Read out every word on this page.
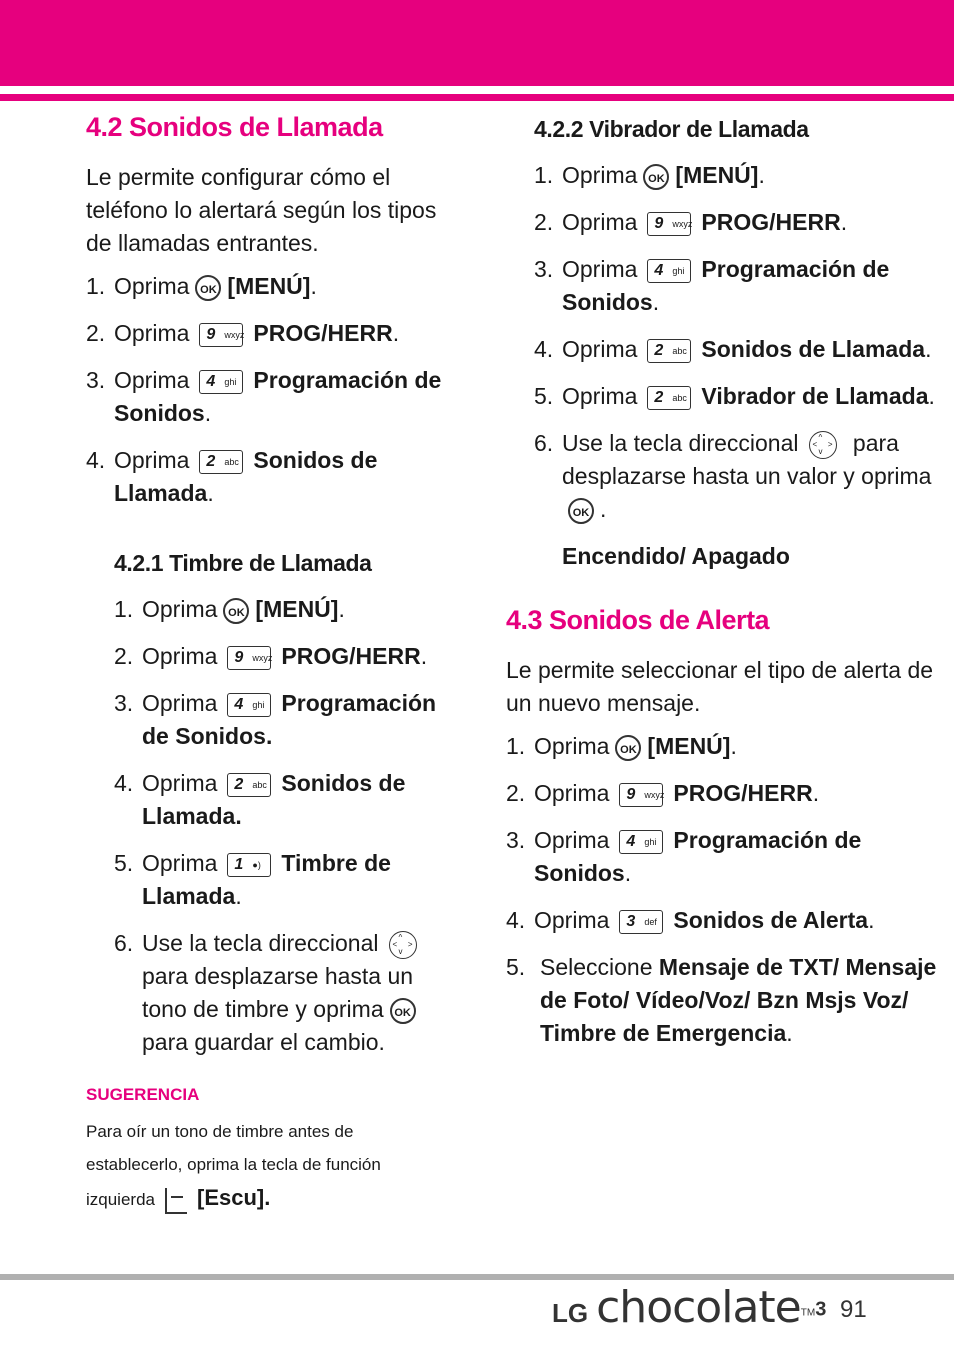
4.2 Sonidos de Llamada
Le permite configurar cómo el teléfono lo alertará según los tipos de llamadas entrantes.
1. Oprima OK [MENÚ].
2. Oprima 9 wxyz PROG/HERR.
3. Oprima 4 ghi Programación de Sonidos.
4. Oprima 2 abc Sonidos de Llamada.
4.2.1 Timbre de Llamada
1. Oprima OK [MENÚ].
2. Oprima 9 wxyz PROG/HERR.
3. Oprima 4 ghi Programación de Sonidos.
4. Oprima 2 abc Sonidos de Llamada.
5. Oprima 1 ●) Timbre de Llamada.
6. Use la tecla direccional	^
v
< >
para desplazarse hasta un tono de timbre y oprima OK para guardar el cambio.
SUGERENCIA
Para oír un tono de timbre antes de establecerlo, oprima la tecla de función izquierda [Escu].
4.2.2 Vibrador de Llamada
1. Oprima OK [MENÚ].
2. Oprima 9 wxyz PROG/HERR.
3. Oprima 4 ghi Programación de Sonidos.
4. Oprima 2 abc Sonidos de Llamada.
5. Oprima 2 abc Vibrador de Llamada.
6. Use la tecla direccional	^
v
< > para desplazarse hasta un valor y oprimaOK .
Encendido/ Apagado
4.3 Sonidos de Alerta
Le permite seleccionar el tipo de alerta de un nuevo mensaje.
1. Oprima OK [MENÚ].
2. Oprima 9 wxyz PROG/HERR.
3. Oprima 4 ghi Programación de Sonidos.
4. Oprima 3 def Sonidos de Alerta.
5. Seleccione Mensaje de TXT/ Mensaje de Foto/ Vídeo/Voz/ Bzn Msjs Voz/ Timbre de Emergencia.
LG chocolate™3 91
